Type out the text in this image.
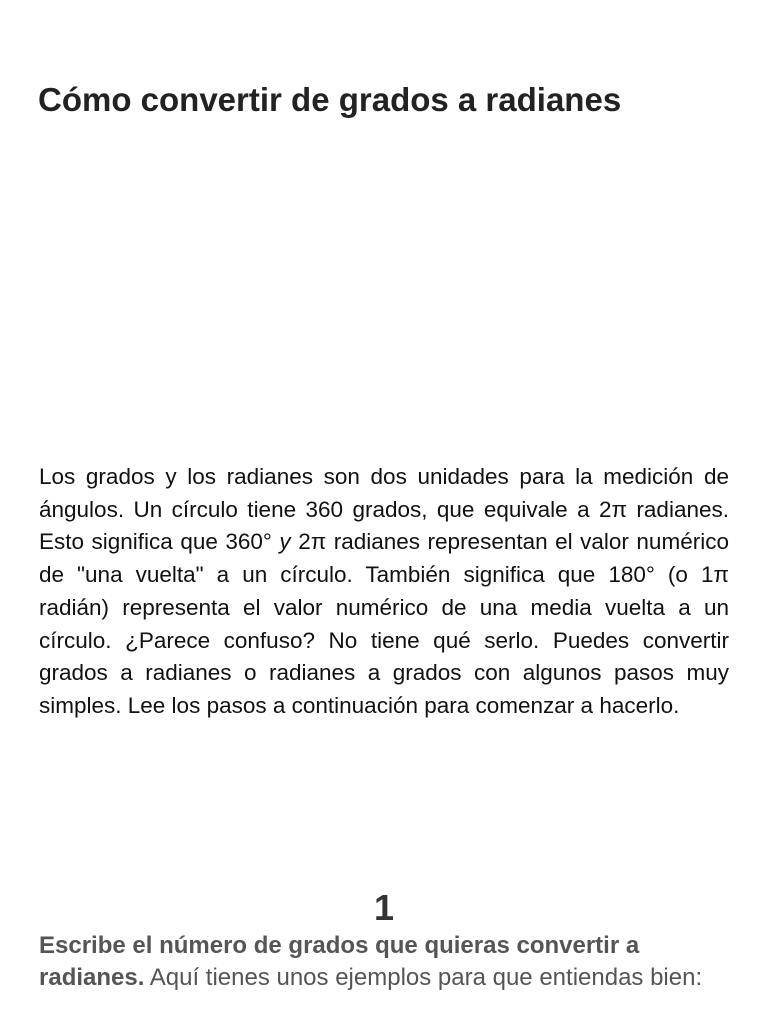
Cómo convertir de grados a radianes

Los grados y los radianes son dos unidades para la medición de ángulos. Un círculo tiene 360 grados, que equivale a 2π radianes. Esto significa que 360° y 2π radianes representan el valor numérico de "una vuelta" a un círculo. También significa que 180° (o 1π radián) representa el valor numérico de una media vuelta a un círculo. ¿Parece confuso? No tiene qué serlo. Puedes convertir grados a radianes o radianes a grados con algunos pasos muy simples. Lee los pasos a continuación para comenzar a hacerlo.

1

Escribe el número de grados que quieras convertir a radianes. Aquí tienes unos ejemplos para que entiendas bien:
